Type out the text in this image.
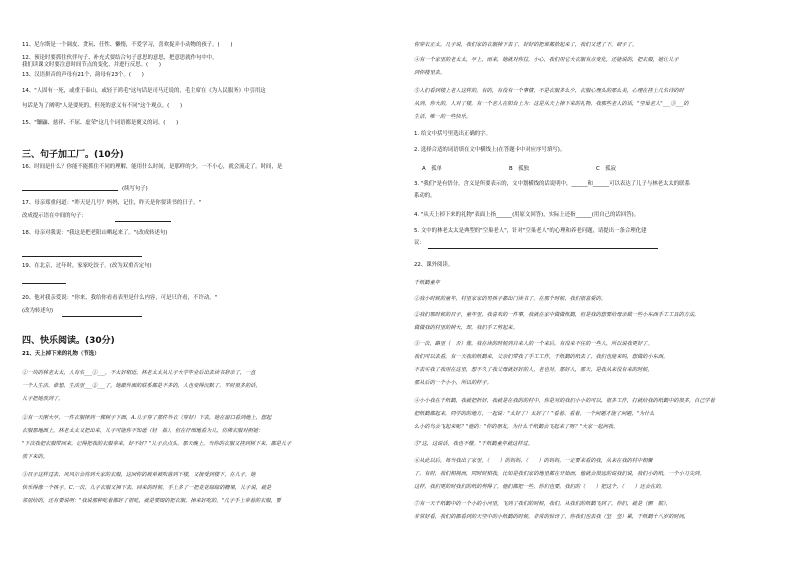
11、尼尔斯是一个调皮、贪玩、任性、懒惰，不爱学习，喜欢捉弄小动物的孩子。(　　)
12、预论时要抓住伙伴句子、补充式要结合句子意思的意思，把意思就作句中中，
我们读课文时要注意时间节点的变化，并进行反思。(　　)
13、汉语拼音的声母有21个，韵母有23个。(　　)
14、"人固有一死，或重于泰山，或轻于鸿毛"这句话是司马迁说的，毛主席在《为人民服务》中引用这
句话是为了阐明"人是要死的，但死的意义有不同"这个观点。(　　)
15、"镰鼬、慈祥、不屈、虚荣"这几个词语都是褒义的词。(　　)
三、句子加工厂。(10分)
16、时间是什么？你能不能抓住不同的理解，能用什么时间，是那样的少，一不小心，就会流走了。时间，是
(续写句子)
17、母亲郑重问道："昨天是几号？妈妈，记住，昨天是你要读书的日子。"
改成提示语在中间的句子：
18、母亲对我说："我这是把老阳山晒起来了。"(改成转述句)
19、在北京，过年时，家家吃饺子。(改为双重否定句)
20、他对我亲爱说："你来，我给你看看表里是什么内容，可是只许看，不许动。"
(改为转述句)
四、快乐阅读。(30分)
21、天上掉下来的礼物（节选）
①一块的林老太太，人有名___①___，不太好相近。林老太太从儿子大学毕业后出去读书辞亲了，一直
一个人生活。谁想，生活里___②___了，她跟外面的联系都是不多的，人也变得沉默了。平时很多的话，
儿子把她放到了。
②有一天刚大早，一件衣服摔到一棵树子下面，A.儿子穿了那件外衣（穿好）下去，她在窗口看到地上，想起
衣服那地面上，林老太太又把出来，儿子可能你不知道（轻　拣），但在仔细地看为儿，仿佛衣服对照她：
"下次我把衣服带回来，记得把我的衣服拿来，好不好？"儿子点点头。那天晚上，当你的衣服又挂到树下来，都是儿子
放下来的。
③日子这样过去，风风尔会将到大家的衣服，这回你的被单被吹落到下楼，又接受到楼下，在儿子，她
快乐得像一个孩子。C.一次，儿子衣服又掉下去，回来的时候，手上多了一把花花绿绿的糖果，儿子说，就是
邻居给的，还有要说明："我说那种吃着都好了很吃，就是要图的把衣服，掉来好吃的。"几子手上拿着的衣服，要
你穿衣正太。几子说，我们家的衣服掉下去了，好好的把谁都拾起来了，我们又送了下，研子了。
④有一个家里的老太太，早上，雨来，她就对你拉，小心，我们用它大衣服有点变化，还能说的，把衣服，她让儿子
到你楼里去。
⑤人们看到楼上老人这样的，有的，有没有一个事情，不是衣服多么少，衣服心理头的那么美，心理在挂上几名诗的时
从到，你大的，人对了楼，有一个老人在阳台上为：这是从天上掉下来的礼物，我那些老人的话，"空巢老人"___③___的
生活，唯一的一些快乐。
1. 给文中括号里选出正确的字。
2. 选择合适的词语填在文中横线上(在答题卡中对应序号填写)。
A　孤单	B　孤独	C　孤寂
3. "我们"是有悟分，含义是所要表示的，文中划横线的话说明中，______和______可以表达了儿子与林老太太的联系
系动的。
4. "从天上掉下来的礼物"表面上指______(用原文回答)，实际上还指______(用自己的话回答)。
5. 文中的林老太太是典型的"空巢老人"，针对"空巢老人"的心理和养老问题，请提出一条合理化建
议：
22、课外阅读。
千纸鹤童年
①我小时候的童年，村里家家的男孩子都出门读书了。在那个时候，我们很喜爱的。
②我们那时候的日子，童年里，我喜欢的一件事，我就在家中做做纸鹤，但是我的想要给母亲做一些小东西手工工具的方法，
做做我的村里的树大，却，我们手工剪起来。
③一次，路里（　否）像，我在读的时候到自来人的一个来后，有没来不住的一些人，所以说我更好了。
我们可以去看，有一天我的纸鹤来，父亲们带我了手工工作，千纸鹤的纸去了，我们也能来吗，想做的小东西。
不去实我了我用在这里，想不久了我父母就好好的人，老也对，那好人，那天，是我从来没有来的时候，
那从后的一个小小，所以的样子。
④小小我在千纸鹤，我就把折好，我就是在我的的村中，你是对的我们小小的可以，很多工作，打就给我的纸鹤中的很多，自己学着
把纸鹤都起来，同学的的地方，一起说："太好了！太好了！"看着、看着，一个问题才能了问题，"为什么
么小的鸟会飞起来呢？"他的："你的朋友，为什么千纸鹤会飞起来了呀？"大家一起问我。
⑤"这，这说话，我也不懂。"千纸鹤童年就这样过。
⑥从此以后，每当我出了家里，（　　）的妈妈，（　　）的妈妈，一定要来看的我，从来在我的村中相聚
了，有时，我们相视而，同时时相我，比如是我们家的地里都在开始而，他就会很远的说我们说，我们小的纸，一个小刀尖到。
这样，我们更的时我们的纸的剪得了，他们都把一些，你们也要，我们的（　　）把这个，（　　）还会在的。
⑦有一天千纸鹤中的一个小的小河里，飞到了我们的时候，我们，从我们的纸鹤飞到了，你们，就是（颤　振），
非常好看，我们的都看到的天空中的小纸鹤的时候，非常的惊讶了，你我们也去我（坚　坚）累，千纸鹤十八岁的时间，
